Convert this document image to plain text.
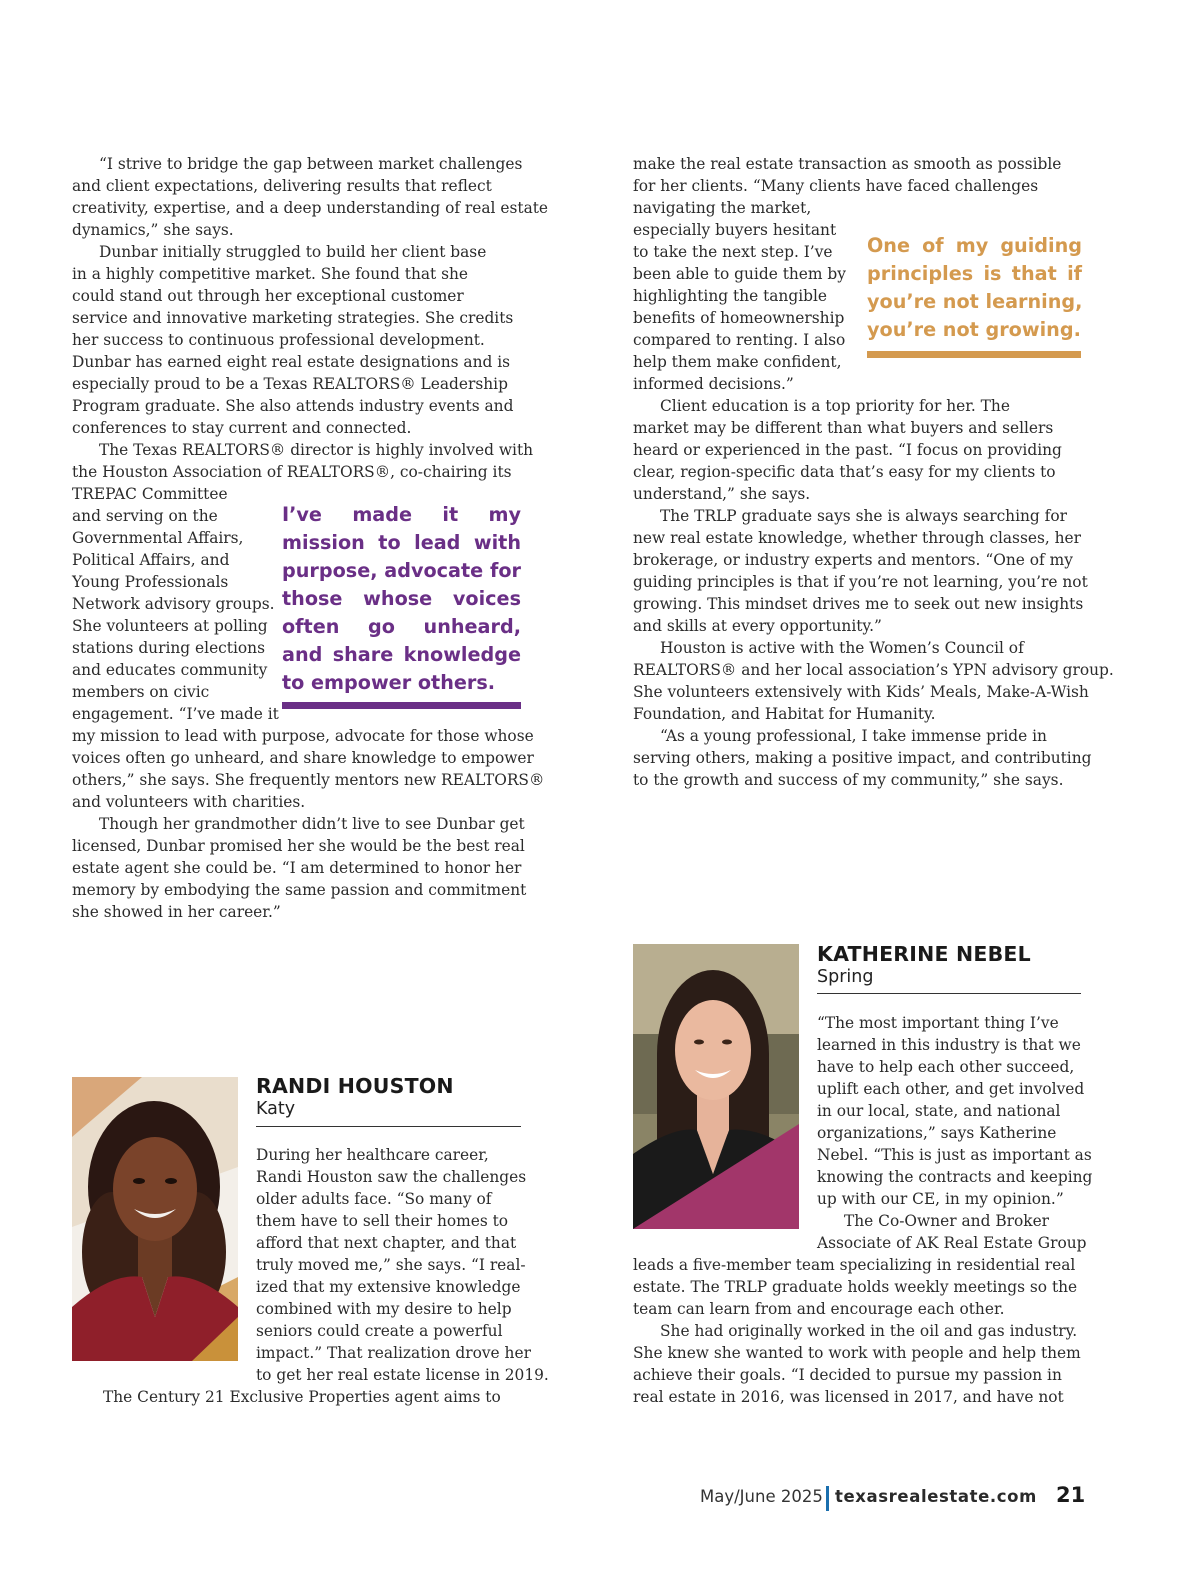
“I strive to bridge the gap between market challenges
and client expectations, delivering results that reflect
creativity, expertise, and a deep understanding of real estate
dynamics,” she says.
Dunbar initially struggled to build her client base
in a highly competitive market. She found that she
could stand out through her exceptional customer
service and innovative marketing strategies. She credits
her success to continuous professional development.
Dunbar has earned eight real estate designations and is
especially proud to be a Texas REALTORS® Leadership
Program graduate. She also attends industry events and
conferences to stay current and connected.
The Texas REALTORS® director is highly involved with
the Houston Association of REALTORS®, co-chairing its
TREPAC Committee
and serving on the
Governmental Affairs,
Political Affairs, and
Young Professionals
Network advisory groups.
She volunteers at polling
stations during elections
and educates community
members on civic
engagement. “I’ve made it
my mission to lead with purpose, advocate for those whose
voices often go unheard, and share knowledge to empower
others,” she says. She frequently mentors new REALTORS®
and volunteers with charities.
Though her grandmother didn’t live to see Dunbar get
licensed, Dunbar promised her she would be the best real
estate agent she could be. “I am determined to honor her
memory by embodying the same passion and commitment
she showed in her career.”
I’ve made it my
mission to lead with
purpose, advocate for
those whose voices
often go unheard,
and share knowledge
to empower others.
make the real estate transaction as smooth as possible
for her clients. “Many clients have faced challenges
navigating the market,
especially buyers hesitant
to take the next step. I’ve
been able to guide them by
highlighting the tangible
benefits of homeownership
compared to renting. I also
help them make confident,
informed decisions.”
Client education is a top priority for her. The
market may be different than what buyers and sellers
heard or experienced in the past. “I focus on providing
clear, region-specific data that’s easy for my clients to
understand,” she says.
The TRLP graduate says she is always searching for
new real estate knowledge, whether through classes, her
brokerage, or industry experts and mentors. “One of my
guiding principles is that if you’re not learning, you’re not
growing. This mindset drives me to seek out new insights
and skills at every opportunity.”
Houston is active with the Women’s Council of
REALTORS® and her local association’s YPN advisory group.
She volunteers extensively with Kids’ Meals, Make-A-Wish
Foundation, and Habitat for Humanity.
“As a young professional, I take immense pride in
serving others, making a positive impact, and contributing
to the growth and success of my community,” she says.
One of my guiding
principles is that if
you’re not learning,
you’re not growing.
RANDI HOUSTON
Katy
During her healthcare career,
Randi Houston saw the challenges
older adults face. “So many of
them have to sell their homes to
afford that next chapter, and that
truly moved me,” she says. “I real-
ized that my extensive knowledge
combined with my desire to help
seniors could create a powerful
impact.” That realization drove her
to get her real estate license in 2019.
The Century 21 Exclusive Properties agent aims to
KATHERINE NEBEL
Spring
“The most important thing I’ve
learned in this industry is that we
have to help each other succeed,
uplift each other, and get involved
in our local, state, and national
organizations,” says Katherine
Nebel. “This is just as important as
knowing the contracts and keeping
up with our CE, in my opinion.”
The Co-Owner and Broker
Associate of AK Real Estate Group
leads a five-member team specializing in residential real
estate. The TRLP graduate holds weekly meetings so the
team can learn from and encourage each other.
She had originally worked in the oil and gas industry.
She knew she wanted to work with people and help them
achieve their goals. “I decided to pursue my passion in
real estate in 2016, was licensed in 2017, and have not
May/June 2025 texasrealestate.com 21
